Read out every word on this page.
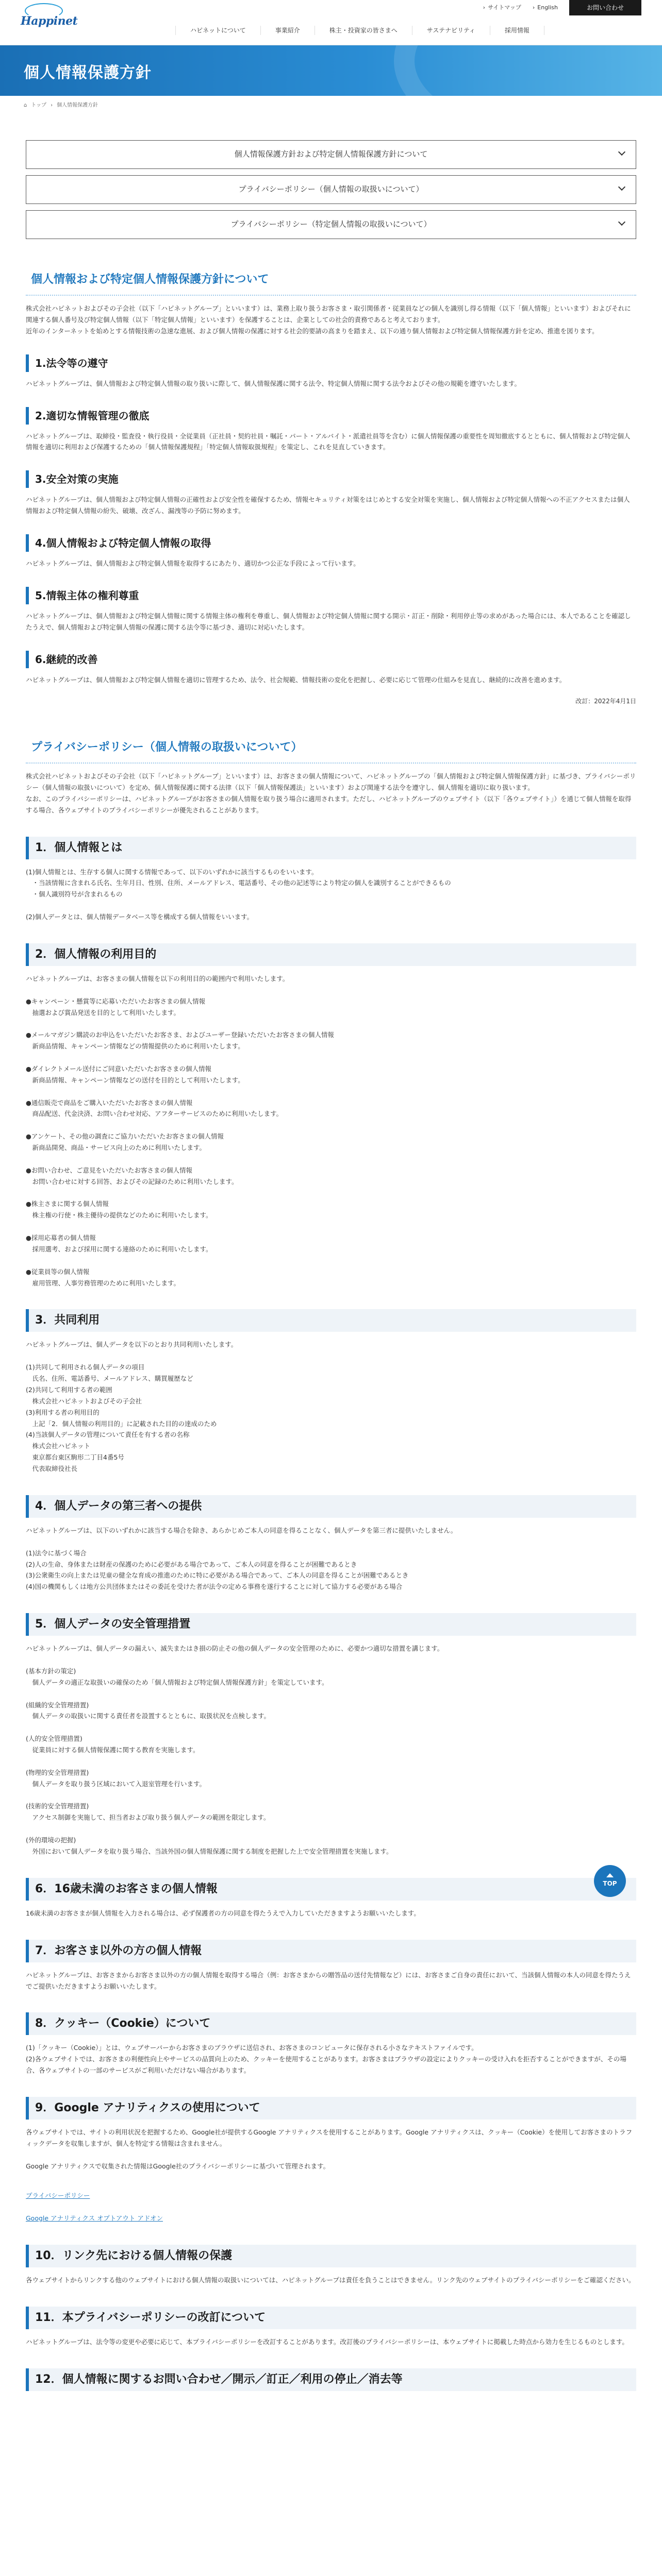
› サイトマップ › English	お問い合わせ
Happinet
ハピネットについて	事業紹介	株主・投資家の皆さまへ	サステナビリティ	採用情報
個人情報保護方針
⌂ トップ › 個人情報保護方針
個人情報保護方針および特定個人情報保護方針について
プライバシーポリシー（個人情報の取扱いについて）
プライバシーポリシー（特定個人情報の取扱いについて）
個人情報および特定個人情報保護方針について

株式会社ハピネットおよびその子会社（以下「ハピネットグループ」といいます）は、業務上取り扱うお客さま・取引関係者・従業員などの個人を識別し得る情報（以下「個人情報」といいます）およびそれに関連する個人番号及び特定個人情報（以下「特定個人情報」といいます）を保護することは、企業としての社会的責務であると考えております。
近年のインターネットを始めとする情報技術の急速な進展、および個人情報の保護に対する社会的要請の高まりを踏まえ、以下の通り個人情報および特定個人情報保護方針を定め、推進を図ります。

1.法令等の遵守

ハピネットグループは、個人情報および特定個人情報の取り扱いに際して、個人情報保護に関する法令、特定個人情報に関する法令およびその他の規範を遵守いたします。

2.適切な情報管理の徹底

ハピネットグループは、取締役・監査役・執行役員・全従業員（正社員・契約社員・嘱託・パート・アルバイト・派遣社員等を含む）に個人情報保護の重要性を周知徹底するとともに、個人情報および特定個人情報を適切に利用および保護するための「個人情報保護規程」「特定個人情報取扱規程」を策定し、これを見直していきます。

3.安全対策の実施

ハピネットグループは、個人情報および特定個人情報の正確性および安全性を確保するため、情報セキュリティ対策をはじめとする安全対策を実施し、個人情報および特定個人情報への不正アクセスまたは個人情報および特定個人情報の紛失、破壊、改ざん、漏洩等の予防に努めます。

4.個人情報および特定個人情報の取得

ハピネットグループは、個人情報および特定個人情報を取得するにあたり、適切かつ公正な手段によって行います。

5.情報主体の権利尊重

ハピネットグループは、個人情報および特定個人情報に関する情報主体の権利を尊重し、個人情報および特定個人情報に関する開示・訂正・削除・利用停止等の求めがあった場合には、本人であることを確認したうえで、個人情報および特定個人情報の保護に関する法令等に基づき、適切に対応いたします。

6.継続的改善

ハピネットグループは、個人情報および特定個人情報を適切に管理するため、法令、社会規範、情報技術の変化を把握し、必要に応じて管理の仕組みを見直し、継続的に改善を進めます。

改訂：2022年4月1日

プライバシーポリシー（個人情報の取扱いについて）

株式会社ハピネットおよびその子会社（以下「ハピネットグループ」といいます）は、お客さまの個人情報について、ハピネットグループの「個人情報および特定個人情報保護方針」に基づき、プライバシーポリシー（個人情報の取扱いについて）を定め、個人情報保護に関する法律（以下「個人情報保護法」といいます）および関連する法令を遵守し、個人情報を適切に取り扱います。
なお、このプライバシーポリシーは、ハピネットグループがお客さまの個人情報を取り扱う場合に適用されます。ただし、ハピネットグループのウェブサイト（以下「各ウェブサイト」）を通じて個人情報を取得する場合、各ウェブサイトのプライバシーポリシーが優先されることがあります。

1．個人情報とは

(1)個人情報とは、生存する個人に関する情報であって、以下のいずれかに該当するものをいいます。
　・当該情報に含まれる氏名、生年月日、性別、住所、メールアドレス、電話番号、その他の記述等により特定の個人を識別することができるもの
　・個人識別符号が含まれるもの

(2)個人データとは、個人情報データベース等を構成する個人情報をいいます。

2．個人情報の利用目的

ハピネットグループは、お客さまの個人情報を以下の利用目的の範囲内で利用いたします。

●キャンペーン・懸賞等に応募いただいたお客さまの個人情報
　抽選および賞品発送を目的として利用いたします。

●メールマガジン購読のお申込をいただいたお客さま、およびユーザー登録いただいたお客さまの個人情報
　新商品情報、キャンペーン情報などの情報提供のために利用いたします。

●ダイレクトメール送付にご同意いただいたお客さまの個人情報
　新商品情報、キャンペーン情報などの送付を目的として利用いたします。

●通信販売で商品をご購入いただいたお客さまの個人情報
　商品配送、代金決済、お問い合わせ対応、アフターサービスのために利用いたします。

●アンケート、その他の調査にご協力いただいたお客さまの個人情報
　新商品開発、商品・サービス向上のために利用いたします。

●お問い合わせ、ご意見をいただいたお客さまの個人情報
　お問い合わせに対する回答、およびその記録のために利用いたします。

●株主さまに関する個人情報
　株主権の行使・株主優待の提供などのために利用いたします。

●採用応募者の個人情報
　採用選考、および採用に関する連絡のために利用いたします。

●従業員等の個人情報
　雇用管理、人事労務管理のために利用いたします。

3．共同利用

ハピネットグループは、個人データを以下のとおり共同利用いたします。

(1)共同して利用される個人データの項目
　氏名、住所、電話番号、メールアドレス、購買履歴など
(2)共同して利用する者の範囲
　株式会社ハピネットおよびその子会社
(3)利用する者の利用目的
　上記「2．個人情報の利用目的」に記載された目的の達成のため
(4)当該個人データの管理について責任を有する者の名称
　株式会社ハピネット
　東京都台東区駒形二丁目4番5号
　代表取締役社長

4．個人データの第三者への提供

ハピネットグループは、以下のいずれかに該当する場合を除き、あらかじめご本人の同意を得ることなく、個人データを第三者に提供いたしません。

(1)法令に基づく場合
(2)人の生命、身体または財産の保護のために必要がある場合であって、ご本人の同意を得ることが困難であるとき
(3)公衆衛生の向上または児童の健全な育成の推進のために特に必要がある場合であって、ご本人の同意を得ることが困難であるとき
(4)国の機関もしくは地方公共団体またはその委託を受けた者が法令の定める事務を遂行することに対して協力する必要がある場合

5．個人データの安全管理措置

ハピネットグループは、個人データの漏えい、滅失またはき損の防止その他の個人データの安全管理のために、必要かつ適切な措置を講じます。

(基本方針の策定)
　個人データの適正な取扱いの確保のため「個人情報および特定個人情報保護方針」を策定しています。

(組織的安全管理措置)
　個人データの取扱いに関する責任者を設置するとともに、取扱状況を点検します。

(人的安全管理措置)
　従業員に対する個人情報保護に関する教育を実施します。

(物理的安全管理措置)
　個人データを取り扱う区域において入退室管理を行います。

(技術的安全管理措置)
　アクセス制御を実施して、担当者および取り扱う個人データの範囲を限定します。

(外的環境の把握)
　外国において個人データを取り扱う場合、当該外国の個人情報保護に関する制度を把握した上で安全管理措置を実施します。

6．16歳未満のお客さまの個人情報

16歳未満のお客さまが個人情報を入力される場合は、必ず保護者の方の同意を得たうえで入力していただきますようお願いいたします。

7．お客さま以外の方の個人情報

ハピネットグループは、お客さまからお客さま以外の方の個人情報を取得する場合（例：お客さまからの贈答品の送付先情報など）には、お客さまご自身の責任において、当該個人情報の本人の同意を得たうえでご提供いただきますようお願いいたします。

8．クッキー（Cookie）について

(1)「クッキー（Cookie）」とは、ウェブサーバーからお客さまのブラウザに送信され、お客さまのコンピュータに保存される小さなテキストファイルです。
(2)各ウェブサイトでは、お客さまの利便性向上やサービスの品質向上のため、クッキーを使用することがあります。お客さまはブラウザの設定によりクッキーの受け入れを拒否することができますが、その場合、各ウェブサイトの一部のサービスがご利用いただけない場合があります。

9．Google アナリティクスの使用について

各ウェブサイトでは、サイトの利用状況を把握するため、Google社が提供するGoogle アナリティクスを使用することがあります。Google アナリティクスは、クッキー（Cookie）を使用してお客さまのトラフィックデータを収集しますが、個人を特定する情報は含まれません。

Google アナリティクスで収集された情報はGoogle社のプライバシーポリシーに基づいて管理されます。

プライバシーポリシー

Google アナリティクス オプトアウト アドオン

10．リンク先における個人情報の保護

各ウェブサイトからリンクする他のウェブサイトにおける個人情報の取扱いについては、ハピネットグループは責任を負うことはできません。リンク先のウェブサイトのプライバシーポリシーをご確認ください。

11．本プライバシーポリシーの改訂について

ハピネットグループは、法令等の変更や必要に応じて、本プライバシーポリシーを改訂することがあります。改訂後のプライバシーポリシーは、本ウェブサイトに掲載した時点から効力を生じるものとします。

12．個人情報に関するお問い合わせ／開示／訂正／利用の停止／消去等
TOP
